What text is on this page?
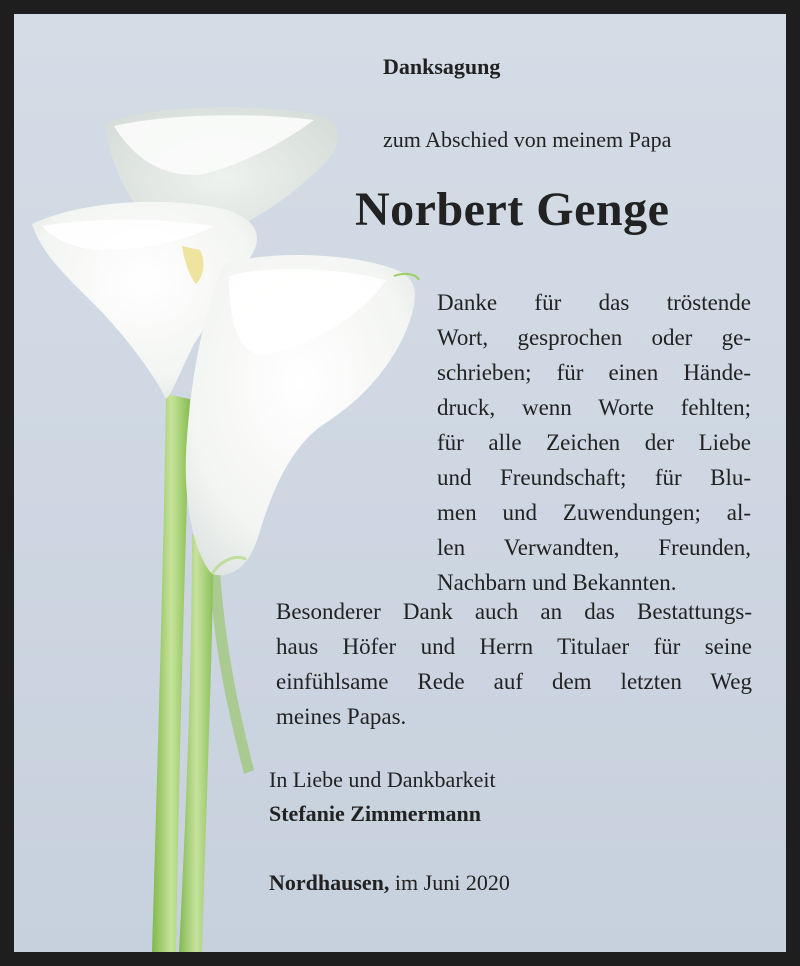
Danksagung
zum Abschied von meinem Papa
Norbert Genge
Danke für das tröstende
Wort, gesprochen oder ge-
schrieben; für einen Hände-
druck, wenn Worte fehlten;
für alle Zeichen der Liebe
und Freundschaft; für Blu-
men und Zuwendungen; al-
len Verwandten, Freunden,
Nachbarn und Bekannten.
Besonderer Dank auch an das Bestattungs-
haus Höfer und Herrn Titulaer für seine
einfühlsame Rede auf dem letzten Weg
meines Papas.
In Liebe und Dankbarkeit
Stefanie Zimmermann
Nordhausen, im Juni 2020
